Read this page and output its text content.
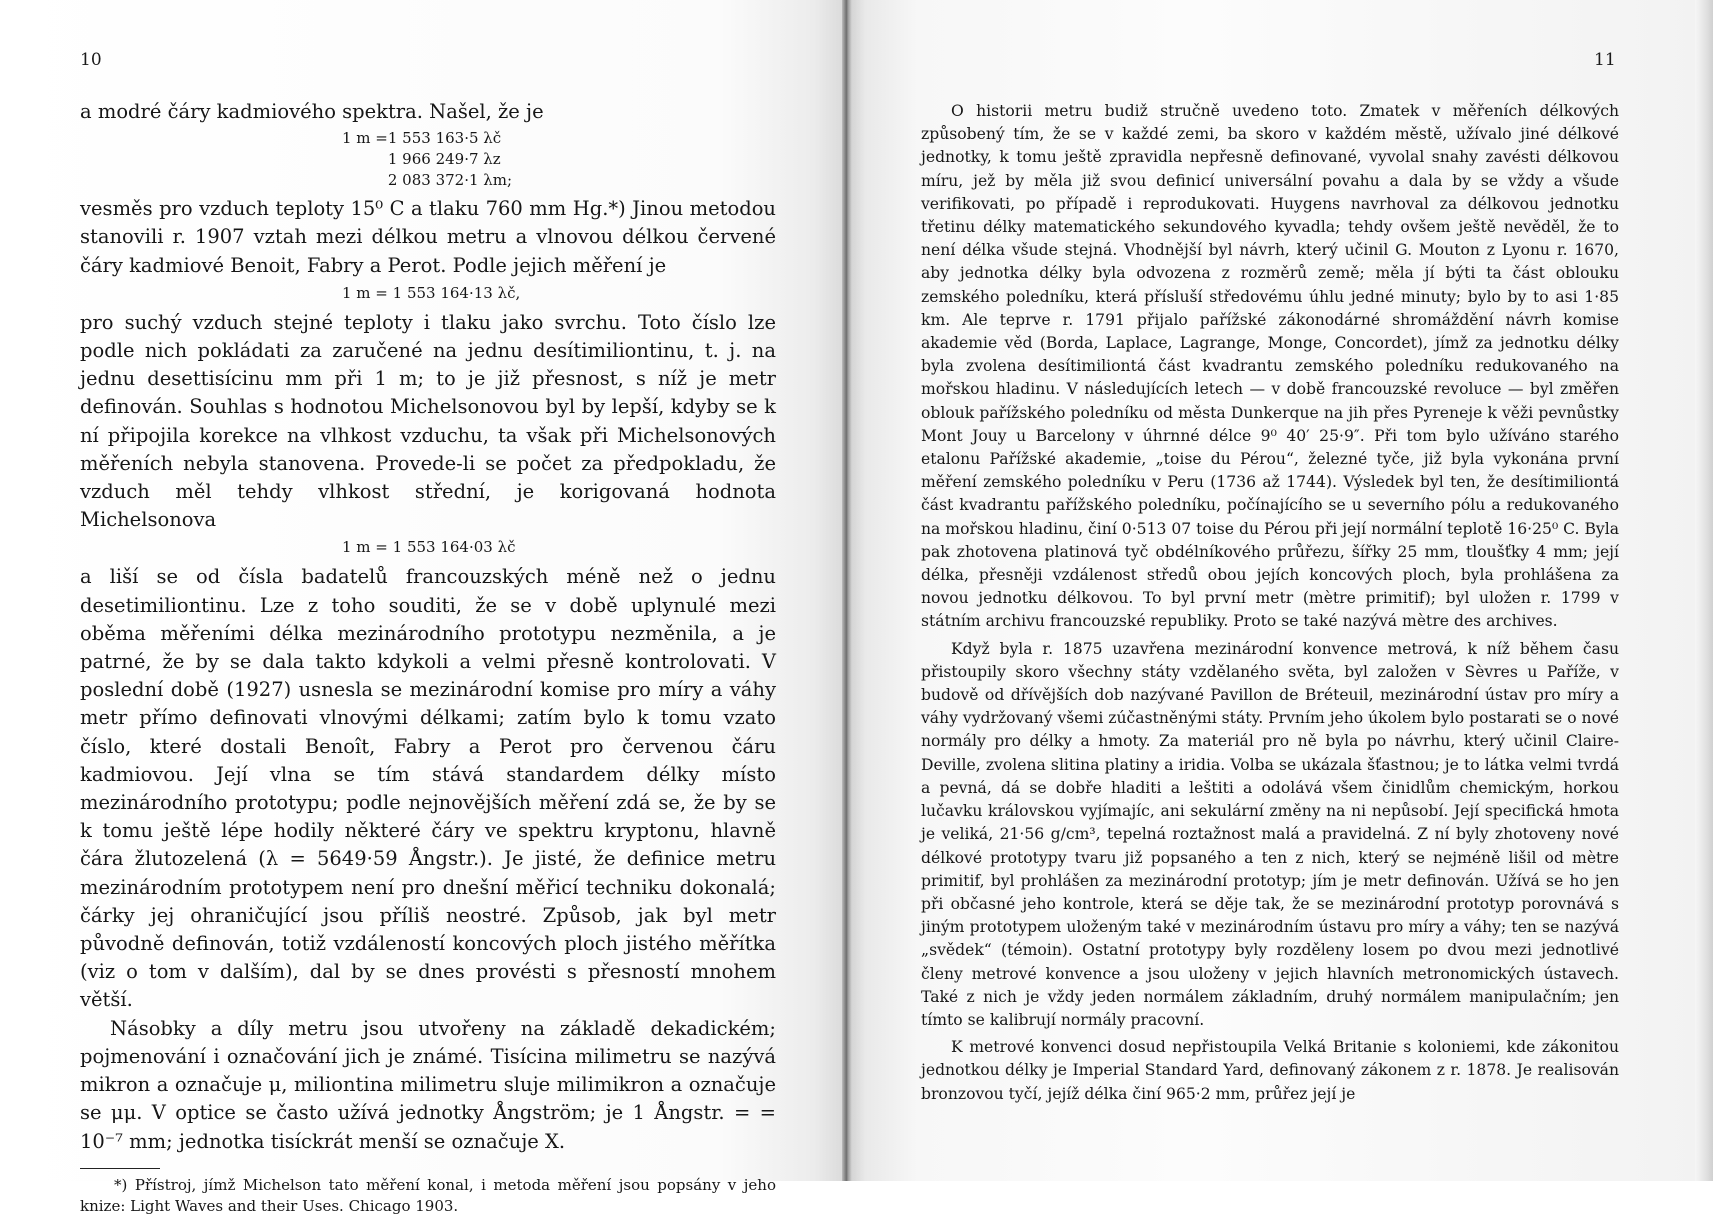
10

a modré čáry kadmiového spektra. Našel, že je

1 m = 1 553 163·5 λč
1 966 249·7 λz
2 083 372·1 λm;

vesměs pro vzduch teploty 15⁰ C a tlaku 760 mm Hg.*) Jinou metodou stanovili r. 1907 vztah mezi délkou metru a vlnovou délkou červené čáry kadmiové Benoit, Fabry a Perot. Podle jejich měření je

1 m = 1 553 164·13 λč,

pro suchý vzduch stejné teploty i tlaku jako svrchu. Toto číslo lze podle nich pokládati za zaručené na jednu desítimiliontinu, t. j. na jednu desettisícinu mm při 1 m; to je již přesnost, s níž je metr definován. Souhlas s hodnotou Michelsonovou byl by lepší, kdyby se k ní připojila korekce na vlhkost vzduchu, ta však při Michelsonových měřeních nebyla stanovena. Provede-li se počet za předpokladu, že vzduch měl tehdy vlhkost střední, je korigovaná hodnota Michelsonova

1 m = 1 553 164·03 λč

a liší se od čísla badatelů francouzských méně než o jednu desetimiliontinu. Lze z toho souditi, že se v době uplynulé mezi oběma měřeními délka mezinárodního prototypu nezměnila, a je patrné, že by se dala takto kdykoli a velmi přesně kontrolovati. V poslední době (1927) usnesla se mezinárodní komise pro míry a váhy metr přímo definovati vlnovými délkami; zatím bylo k tomu vzato číslo, které dostali Benoît, Fabry a Perot pro červenou čáru kadmiovou. Její vlna se tím stává standardem délky místo mezinárodního prototypu; podle nejnovějších měření zdá se, že by se k tomu ještě lépe hodily některé čáry ve spektru kryptonu, hlavně čára žlutozelená (λ = 5649·59 Ångstr.). Je jisté, že definice metru mezinárodním prototypem není pro dnešní měřicí techniku dokonalá; čárky jej ohraničující jsou příliš neostré. Způsob, jak byl metr původně definován, totiž vzdáleností koncových ploch jistého měřítka (viz o tom v dalším), dal by se dnes provésti s přesností mnohem větší.

Násobky a díly metru jsou utvořeny na základě dekadickém; pojmenování i označování jich je známé. Tisícina milimetru se nazývá mikron a označuje μ, miliontina milimetru sluje milimikron a označuje se μμ. V optice se často užívá jednotky Ångström; je 1 Ångstr. = = 10⁻⁷ mm; jednotka tisíckrát menší se označuje X.

*) Přístroj, jímž Michelson tato měření konal, i metoda měření jsou popsány v jeho knize: Light Waves and their Uses. Chicago 1903.

11

O historii metru budiž stručně uvedeno toto. Zmatek v měřeních délkových způsobený tím, že se v každé zemi, ba skoro v každém městě, užívalo jiné délkové jednotky, k tomu ještě zpravidla nepřesně definované, vyvolal snahy zavésti délkovou míru, jež by měla již svou definicí universální povahu a dala by se vždy a všude verifikovati, po případě i reprodukovati. Huygens navrhoval za délkovou jednotku třetinu délky matematického sekundového kyvadla; tehdy ovšem ještě nevěděl, že to není délka všude stejná. Vhodnější byl návrh, který učinil G. Mouton z Lyonu r. 1670, aby jednotka délky byla odvozena z rozměrů země; měla jí býti ta část oblouku zemského poledníku, která přísluší středovému úhlu jedné minuty; bylo by to asi 1·85 km. Ale teprve r. 1791 přijalo pařížské zákonodárné shromáždění návrh komise akademie věd (Borda, Laplace, Lagrange, Monge, Concordet), jímž za jednotku délky byla zvolena desítimiliontá část kvadrantu zemského poledníku redukovaného na mořskou hladinu. V následujících letech — v době francouzské revoluce — byl změřen oblouk pařížského poledníku od města Dunkerque na jih přes Pyreneje k věži pevnůstky Mont Jouy u Barcelony v úhrnné délce 9⁰ 40′ 25·9″. Při tom bylo užíváno starého etalonu Pařížské akademie, „toise du Pérou“, železné tyče, již byla vykonána první měření zemského poledníku v Peru (1736 až 1744). Výsledek byl ten, že desítimiliontá část kvadrantu pařížského poledníku, počínajícího se u severního pólu a redukovaného na mořskou hladinu, činí 0·513 07 toise du Pérou při její normální teplotě 16·25⁰ C. Byla pak zhotovena platinová tyč obdélníkového průřezu, šířky 25 mm, tloušťky 4 mm; její délka, přesněji vzdálenost středů obou jejích koncových ploch, byla prohlášena za novou jednotku délkovou. To byl první metr (mètre primitif); byl uložen r. 1799 v státním archivu francouzské republiky. Proto se také nazývá mètre des archives.

Když byla r. 1875 uzavřena mezinárodní konvence metrová, k níž během času přistoupily skoro všechny státy vzdělaného světa, byl založen v Sèvres u Paříže, v budově od dřívějších dob nazývané Pavillon de Bréteuil, mezinárodní ústav pro míry a váhy vydržovaný všemi zúčastněnými státy. Prvním jeho úkolem bylo postarati se o nové normály pro délky a hmoty. Za materiál pro ně byla po návrhu, který učinil Claire-Deville, zvolena slitina platiny a iridia. Volba se ukázala šťastnou; je to látka velmi tvrdá a pevná, dá se dobře hladiti a leštiti a odolává všem činidlům chemickým, horkou lučavku královskou vyjímajíc, ani sekulární změny na ni nepůsobí. Její specifická hmota je veliká, 21·56 g/cm³, tepelná roztažnost malá a pravidelná. Z ní byly zhotoveny nové délkové prototypy tvaru již popsaného a ten z nich, který se nejméně lišil od mètre primitif, byl prohlášen za mezinárodní prototyp; jím je metr definován. Užívá se ho jen při občasné jeho kontrole, která se děje tak, že se mezinárodní prototyp porovnává s jiným prototypem uloženým také v mezinárodním ústavu pro míry a váhy; ten se nazývá „svědek“ (témoin). Ostatní prototypy byly rozděleny losem po dvou mezi jednotlivé členy metrové konvence a jsou uloženy v jejich hlavních metronomických ústavech. Také z nich je vždy jeden normálem základním, druhý normálem manipulačním; jen tímto se kalibrují normály pracovní.

K metrové konvenci dosud nepřistoupila Velká Britanie s koloniemi, kde zákonitou jednotkou délky je Imperial Standard Yard, definovaný zákonem z r. 1878. Je realisován bronzovou tyčí, jejíž délka činí 965·2 mm, průřez její je
